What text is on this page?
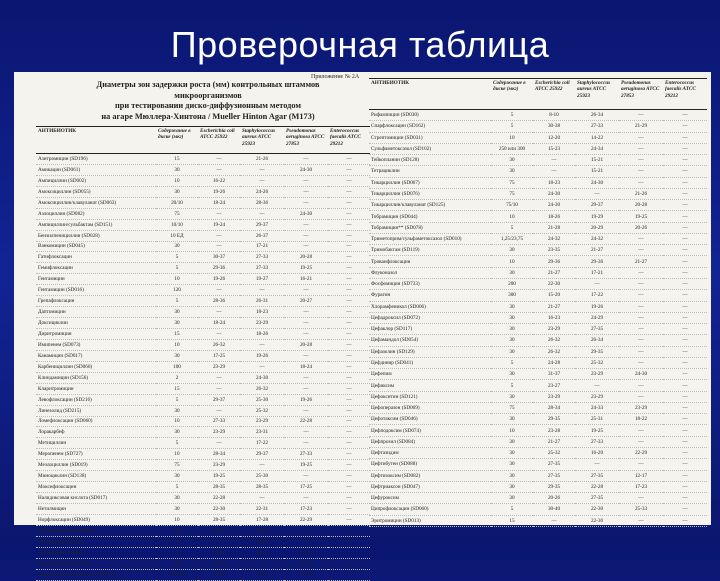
Проверочная таблица
Приложение № 2А
Диаметры зон задержки роста (мм) контрольных штаммов
микроорганизмов
при тестировании диско-диффузионным методом
на агаре Мюллера-Хинтона / Mueller Hinton Agar (М173)
АНТИБИОТИК	Содержание в диске (мкг)	Escherichia coli ATCC 25922	Staphylococcus aureus ATCC 25923	Pseudomonas aeruginosa ATCC 27853	Enterococcus faecalis ATCC 29212
Азитромицин (SD196)	15	—	21-26	—	—
Амикацин (SD061)	30	—	—	24-30	—
Ампициллин (SD002)	10	16-22	—	—	—
Амоксициллин (SD055)	30	19-26	24-26	—	—
Амоксициллин/клавуланат (SD063)	20/10	18-24	28-36	—	—
Азлоциллин (SD082)	75	—	—	24-30	—
Ампициллин/сульбактам (SD151)	10/10	19-24	29-37	—	—
Бензилпенициллин (SD028)	10 ЕД	—	26-37	—	—
Ванкомицин (SD045)	30	—	17-21	—	—
Гатифлоксацин	5	30-37	27-33	20-28	—
Гемифлоксацин	5	29-36	27-33	19-25	—
Гентамицин	10	19-26	19-27	16-21	—
Гентамицин (SD016)	120	—	—	—	—
Грепафлоксацин	5	28-36	26-31	20-27	—
Даптомицин	30	—	18-23	—	—
Доксициклин	30	18-24	23-29	—	—
Диритромицин	15	—	18-26	—	—
Имипенем (SD073)	10	26-32	—	20-28	—
Канамицин (SD017)	30	17-25	19-26	—	—
Карбенициллин (SD060)	100	23-29	—	18-24	—
Клиндамицин (SD156)	2	—	24-30	—	—
Кларитромицин	15	—	26-32	—	—
Левофлоксацин (SD216)	5	29-37	25-30	19-26	—
Линезолид (SD215)	30	—	25-32	—	—
Ломефлоксацин (SD060)	10	27-33	23-29	22-28	—
Лоракарбеф	30	23-29	23-31	—	—
Метициллин	5	—	17-22	—	—
Меропенем (SD727)	10	28-34	29-37	27-33	—
Мезлоциллин (SD019)	75	23-29	—	19-25	—
Миноциклин (SD138)	30	19-25	25-30	—	—
Моксифлоксацин	5	28-35	28-35	17-25	—
Налидиксовая кислота (SD017)	30	22-28	—	—	—
Нетилмицин	30	22-30	22-31	17-23	—
Норфлоксацин (SD049)	10	28-35	17-28	22-29	—
Нитрофурантоин (SD023)	300	20-25	18-22	—	—
Оксациллин (SD055)	1	—	18-24	—	—
Офлоксацин (SD057)	5	29-33	24-28	17-21	—
Пиперациллин (SD069)	100	24-30	—	25-33	—
Пиперациллин/тазобактам (SD735)	100/10	24-30	27-36	25-33	—
АНТИБИОТИК	Содержание в диске (мкг)	Escherichia coli ATCC 25922	Staphylococcus aureus ATCC 25923	Pseudomonas aeruginosa ATCC 27853	Enterococcus faecalis ATCC 29212
Рифампицин (SD030)	5	8-10	26-34	—	—
Спарфлоксацин (SD162)	5	30-38	27-33	21-29	—
Стрептомицин (SD031)	10	12-20	14-22	—	—
Сульфаметоксазол (SD102)	250 или 300	15-23	24-34	—	—
Тейкопланин (SD128)	30	—	15-21	—	—
Тетрациклин	30	—	15-21	—	—
Тикарциллин (SD067)	75	18-23	24-30	—	—
Тикарциллин (SD076)	75	24-30	—	21-26	—
Тикарциллин/клавуланат (SD125)	75/10	24-30	29-37	20-28	—
Тобрамицин (SD044)	10	18-26	19-29	19-25	—
Тобрамицин** (SD078)	5	21-28	20-29	20-26	—
Триметоприм/сульфаметоксазол (SD010)	1,25/23,75	24-32	24-32	—	—
Тримобактам (SD119)	30	23-35	21-27	—	—
Трованфлоксацин	10	29-36	29-36	21-27	—
Флуконазол	30	21-27	17-21	—	—
Фосфомицин (SD733)	200	22-30	—	—	—
Фурагин	300	15-20	17-22	—	—
Хлорамфеникол (SD006)	30	21-27	19-26	—	—
Цефадроксил (SD072)	30	16-23	24-29	—	—
Цефаклор (SD117)	30	23-29	27-35	—	—
Цефамандол (SD054)	30	26-32	26-34	—	—
Цефазолин (SD129)	30	26-32	29-35	—	—
Цефдинир (SD041)	5	24-28	25-32	—	—
Цефепим	30	31-37	23-29	24-30	—
Цефиксим	5	23-27	—	—	—
Цефокситин (SD121)	30	23-29	23-29	—	—
Цефоперазон (SD069)	75	28-34	24-33	23-29	—
Цефотаксим (SD046)	30	29-35	25-31	18-22	—
Цефподоксим (SD074)	10	23-28	19-25	—	—
Цефпрозил (SD084)	30	21-27	27-33	—	—
Цефтазидим	30	25-32	16-20	22-29	—
Цефтибутен (SD088)	30	27-35	—	—	—
Цефтизоксим (SD082)	30	27-35	27-35	12-17	—
Цефтриаксон (SD047)	30	29-35	22-28	17-23	—
Цефуроксим	30	20-26	27-35	—	—
Ципрофлоксацин (SD060)	5	30-40	22-30	25-33	—
Эритромицин (SD013)	15	—	22-30	—	—
